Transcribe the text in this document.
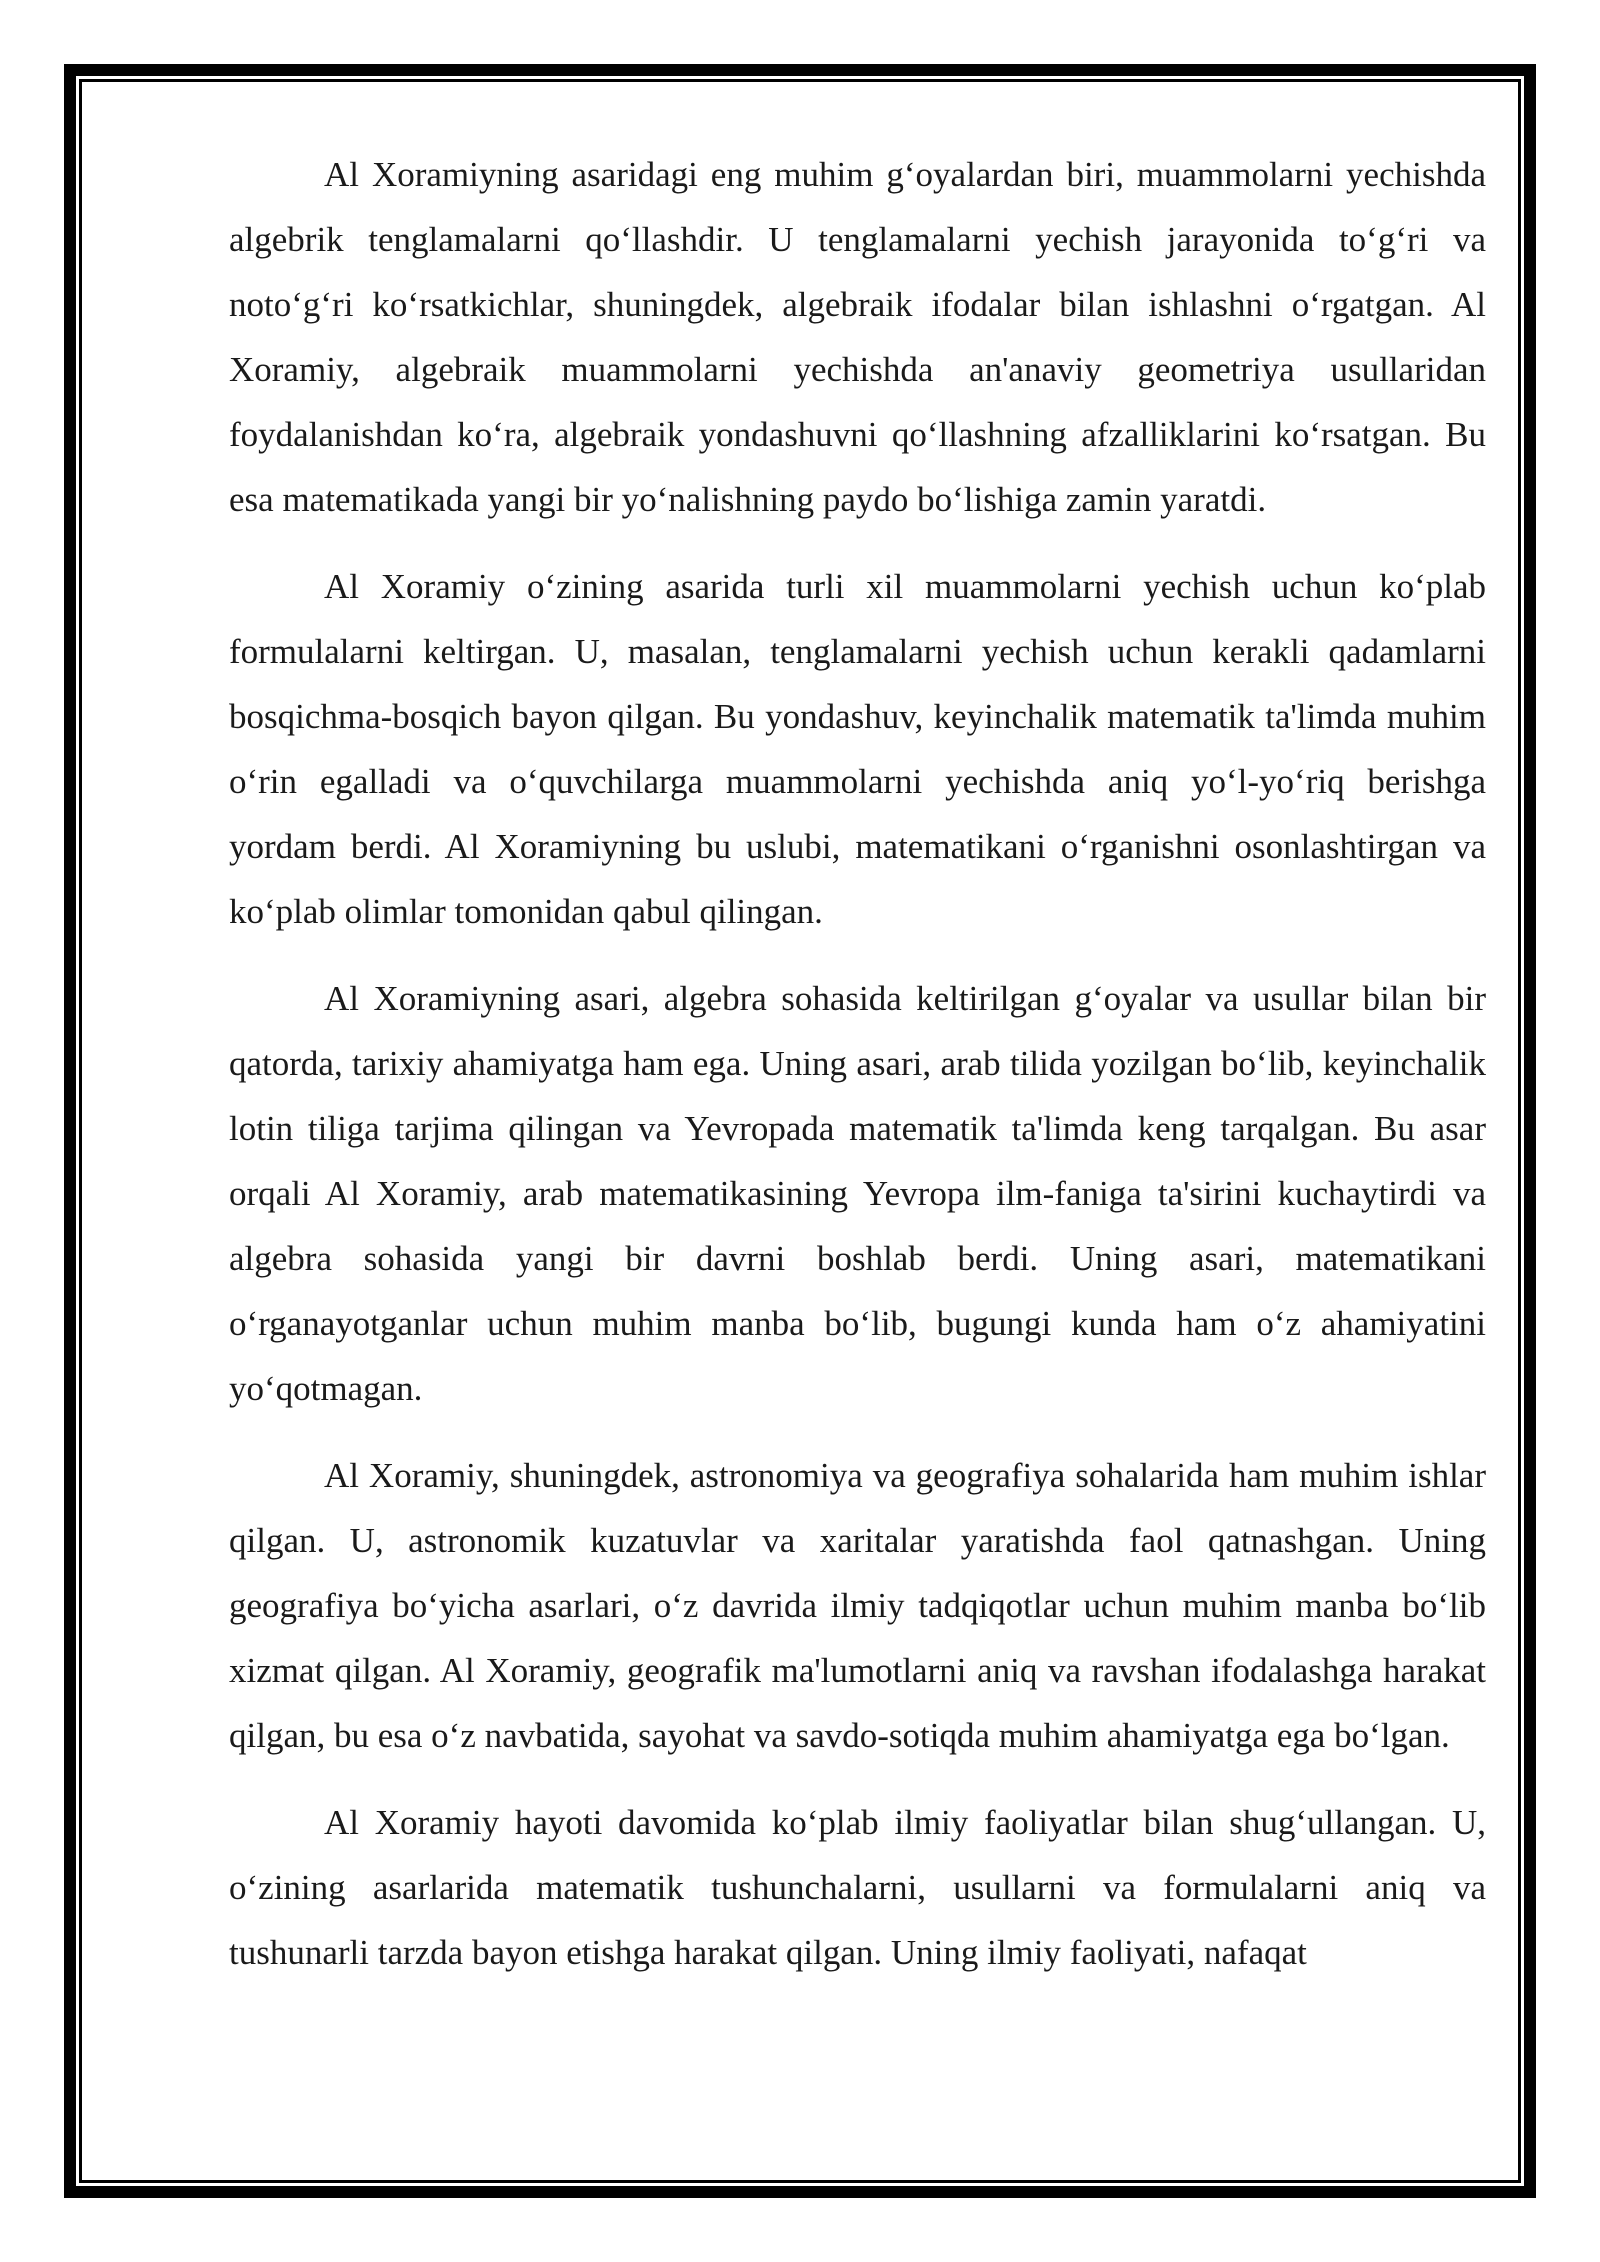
Al Xoramiyning asaridagi eng muhim g‘oyalardan biri, muammolarni yechishda algebrik tenglamalarni qo‘llashdir. U tenglamalarni yechish jarayonida to‘g‘ri va noto‘g‘ri ko‘rsatkichlar, shuningdek, algebraik ifodalar bilan ishlashni o‘rgatgan. Al Xoramiy, algebraik muammolarni yechishda an'anaviy geometriya usullaridan foydalanishdan ko‘ra, algebraik yondashuvni qo‘llashning afzalliklarini ko‘rsatgan. Bu esa matematikada yangi bir yo‘nalishning paydo bo‘lishiga zamin yaratdi.

Al Xoramiy o‘zining asarida turli xil muammolarni yechish uchun ko‘plab formulalarni keltirgan. U, masalan, tenglamalarni yechish uchun kerakli qadamlarni bosqichma-bosqich bayon qilgan. Bu yondashuv, keyinchalik matematik ta'limda muhim o‘rin egalladi va o‘quvchilarga muammolarni yechishda aniq yo‘l-yo‘riq berishga yordam berdi. Al Xoramiyning bu uslubi, matematikani o‘rganishni osonlashtirgan va ko‘plab olimlar tomonidan qabul qilingan.

Al Xoramiyning asari, algebra sohasida keltirilgan g‘oyalar va usullar bilan bir qatorda, tarixiy ahamiyatga ham ega. Uning asari, arab tilida yozilgan bo‘lib, keyinchalik lotin tiliga tarjima qilingan va Yevropada matematik ta'limda keng tarqalgan. Bu asar orqali Al Xoramiy, arab matematikasining Yevropa ilm-faniga ta'sirini kuchaytirdi va algebra sohasida yangi bir davrni boshlab berdi. Uning asari, matematikani o‘rganayotganlar uchun muhim manba bo‘lib, bugungi kunda ham o‘z ahamiyatini yo‘qotmagan.

Al Xoramiy, shuningdek, astronomiya va geografiya sohalarida ham muhim ishlar qilgan. U, astronomik kuzatuvlar va xaritalar yaratishda faol qatnashgan. Uning geografiya bo‘yicha asarlari, o‘z davrida ilmiy tadqiqotlar uchun muhim manba bo‘lib xizmat qilgan. Al Xoramiy, geografik ma'lumotlarni aniq va ravshan ifodalashga harakat qilgan, bu esa o‘z navbatida, sayohat va savdo-sotiqda muhim ahamiyatga ega bo‘lgan.

Al Xoramiy hayoti davomida ko‘plab ilmiy faoliyatlar bilan shug‘ullangan. U, o‘zining asarlarida matematik tushunchalarni, usullarni va formulalarni aniq va tushunarli tarzda bayon etishga harakat qilgan. Uning ilmiy faoliyati, nafaqat
